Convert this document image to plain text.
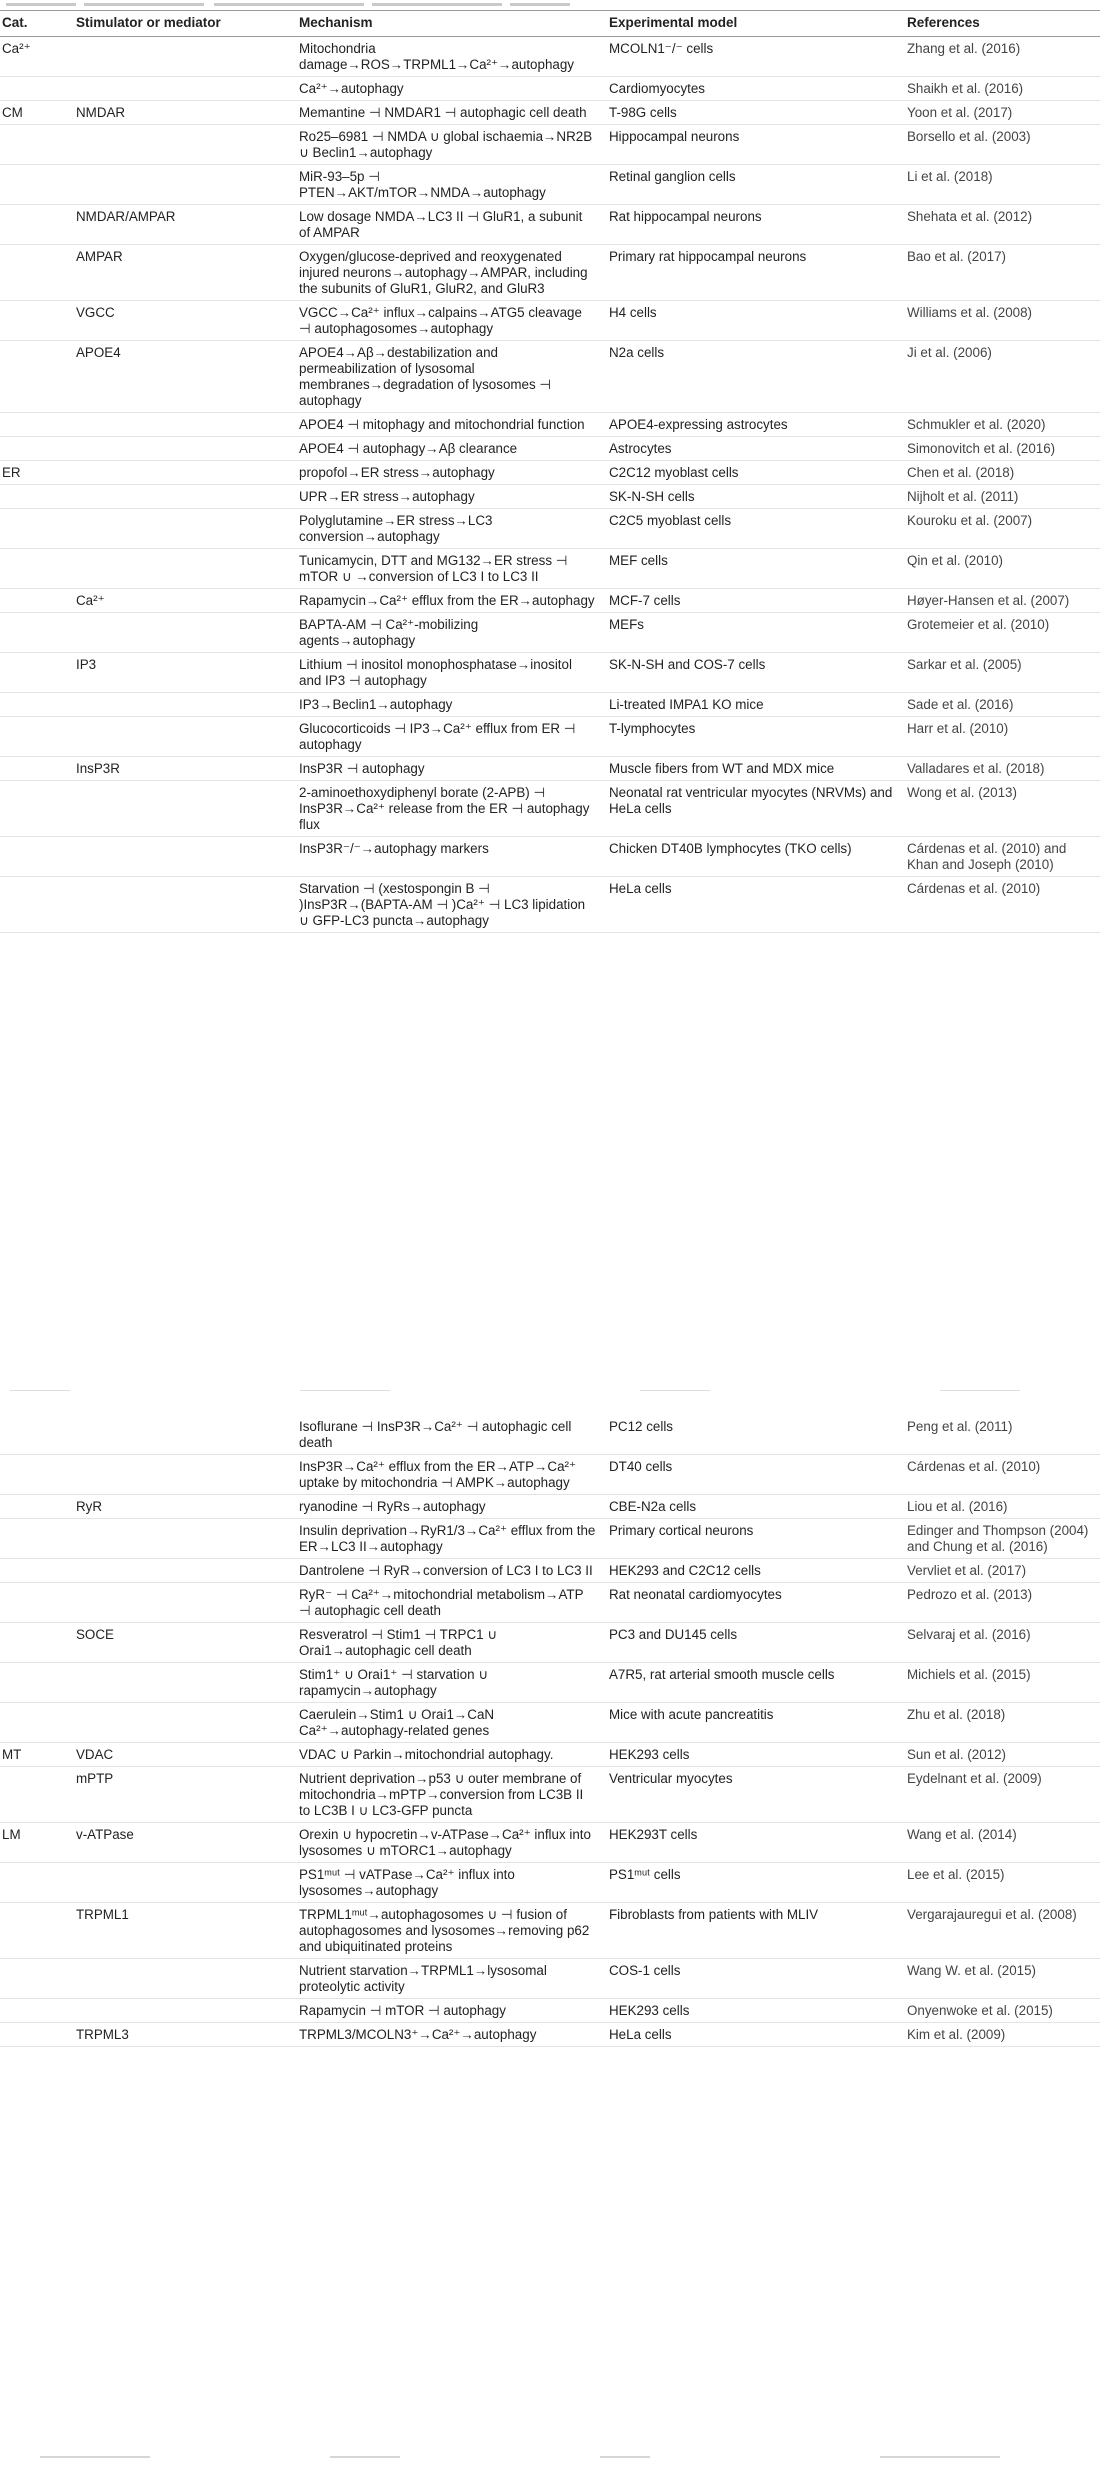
Cat.	Stimulator or mediator	Mechanism	Experimental model	References
Ca²⁺		Mitochondria damage→ROS→TRPML1→Ca²⁺→autophagy	MCOLN1⁻/⁻ cells	Zhang et al. (2016)
		Ca²⁺→autophagy	Cardiomyocytes	Shaikh et al. (2016)
CM	NMDAR	Memantine ⊣ NMDAR1 ⊣ autophagic cell death	T-98G cells	Yoon et al. (2017)
		Ro25–6981 ⊣ NMDA ∪ global ischaemia→NR2B ∪ Beclin1→autophagy	Hippocampal neurons	Borsello et al. (2003)
		MiR-93–5p ⊣ PTEN→AKT/mTOR→NMDA→autophagy	Retinal ganglion cells	Li et al. (2018)
	NMDAR/AMPAR	Low dosage NMDA→LC3 II ⊣ GluR1, a subunit of AMPAR	Rat hippocampal neurons	Shehata et al. (2012)
	AMPAR	Oxygen/glucose-deprived and reoxygenated injured neurons→autophagy→AMPAR, including the subunits of GluR1, GluR2, and GluR3	Primary rat hippocampal neurons	Bao et al. (2017)
	VGCC	VGCC→Ca²⁺ influx→calpains→ATG5 cleavage ⊣ autophagosomes→autophagy	H4 cells	Williams et al. (2008)
	APOE4	APOE4→Aβ→destabilization and permeabilization of lysosomal membranes→degradation of lysosomes ⊣ autophagy	N2a cells	Ji et al. (2006)
		APOE4 ⊣ mitophagy and mitochondrial function	APOE4-expressing astrocytes	Schmukler et al. (2020)
		APOE4 ⊣ autophagy→Aβ clearance	Astrocytes	Simonovitch et al. (2016)
ER		propofol→ER stress→autophagy	C2C12 myoblast cells	Chen et al. (2018)
		UPR→ER stress→autophagy	SK-N-SH cells	Nijholt et al. (2011)
		Polyglutamine→ER stress→LC3 conversion→autophagy	C2C5 myoblast cells	Kouroku et al. (2007)
		Tunicamycin, DTT and MG132→ER stress ⊣ mTOR ∪ →conversion of LC3 I to LC3 II	MEF cells	Qin et al. (2010)
	Ca²⁺	Rapamycin→Ca²⁺ efflux from the ER→autophagy	MCF-7 cells	Høyer-Hansen et al. (2007)
		BAPTA-AM ⊣ Ca²⁺-mobilizing agents→autophagy	MEFs	Grotemeier et al. (2010)
	IP3	Lithium ⊣ inositol monophosphatase→inositol and IP3 ⊣ autophagy	SK-N-SH and COS-7 cells	Sarkar et al. (2005)
		IP3→Beclin1→autophagy	Li-treated IMPA1 KO mice	Sade et al. (2016)
		Glucocorticoids ⊣ IP3→Ca²⁺ efflux from ER ⊣ autophagy	T-lymphocytes	Harr et al. (2010)
	InsP3R	InsP3R ⊣ autophagy	Muscle fibers from WT and MDX mice	Valladares et al. (2018)
		2-aminoethoxydiphenyl borate (2-APB) ⊣ InsP3R→Ca²⁺ release from the ER ⊣ autophagy flux	Neonatal rat ventricular myocytes (NRVMs) and HeLa cells	Wong et al. (2013)
		InsP3R⁻/⁻→autophagy markers	Chicken DT40B lymphocytes (TKO cells)	Cárdenas et al. (2010) and Khan and Joseph (2010)
		Starvation ⊣ (xestospongin B ⊣ )InsP3R→(BAPTA-AM ⊣ )Ca²⁺ ⊣ LC3 lipidation ∪ GFP-LC3 puncta→autophagy	HeLa cells	Cárdenas et al. (2010)
		Isoflurane ⊣ InsP3R→Ca²⁺ ⊣ autophagic cell death	PC12 cells	Peng et al. (2011)
		InsP3R→Ca²⁺ efflux from the ER→ATP→Ca²⁺ uptake by mitochondria ⊣ AMPK→autophagy	DT40 cells	Cárdenas et al. (2010)
	RyR	ryanodine ⊣ RyRs→autophagy	CBE-N2a cells	Liou et al. (2016)
		Insulin deprivation→RyR1/3→Ca²⁺ efflux from the ER→LC3 II→autophagy	Primary cortical neurons	Edinger and Thompson (2004) and Chung et al. (2016)
		Dantrolene ⊣ RyR→conversion of LC3 I to LC3 II	HEK293 and C2C12 cells	Vervliet et al. (2017)
		RyR⁻ ⊣ Ca²⁺→mitochondrial metabolism→ATP ⊣ autophagic cell death	Rat neonatal cardiomyocytes	Pedrozo et al. (2013)
	SOCE	Resveratrol ⊣ Stim1 ⊣ TRPC1 ∪ Orai1→autophagic cell death	PC3 and DU145 cells	Selvaraj et al. (2016)
		Stim1⁺ ∪ Orai1⁺ ⊣ starvation ∪ rapamycin→autophagy	A7R5, rat arterial smooth muscle cells	Michiels et al. (2015)
		Caerulein→Stim1 ∪ Orai1→CaN Ca²⁺→autophagy-related genes	Mice with acute pancreatitis	Zhu et al. (2018)
MT	VDAC	VDAC ∪ Parkin→mitochondrial autophagy.	HEK293 cells	Sun et al. (2012)
	mPTP	Nutrient deprivation→p53 ∪ outer membrane of mitochondria→mPTP→conversion from LC3B II to LC3B I ∪ LC3-GFP puncta	Ventricular myocytes	Eydelnant et al. (2009)
LM	v-ATPase	Orexin ∪ hypocretin→v-ATPase→Ca²⁺ influx into lysosomes ∪ mTORC1→autophagy	HEK293T cells	Wang et al. (2014)
		PS1ᵐᵘᵗ ⊣ vATPase→Ca²⁺ influx into lysosomes→autophagy	PS1ᵐᵘᵗ cells	Lee et al. (2015)
	TRPML1	TRPML1ᵐᵘᵗ→autophagosomes ∪ ⊣ fusion of autophagosomes and lysosomes→removing p62 and ubiquitinated proteins	Fibroblasts from patients with MLIV	Vergarajauregui et al. (2008)
		Nutrient starvation→TRPML1→lysosomal proteolytic activity	COS-1 cells	Wang W. et al. (2015)
		Rapamycin ⊣ mTOR ⊣ autophagy	HEK293 cells	Onyenwoke et al. (2015)
	TRPML3	TRPML3/MCOLN3⁺→Ca²⁺→autophagy	HeLa cells	Kim et al. (2009)
